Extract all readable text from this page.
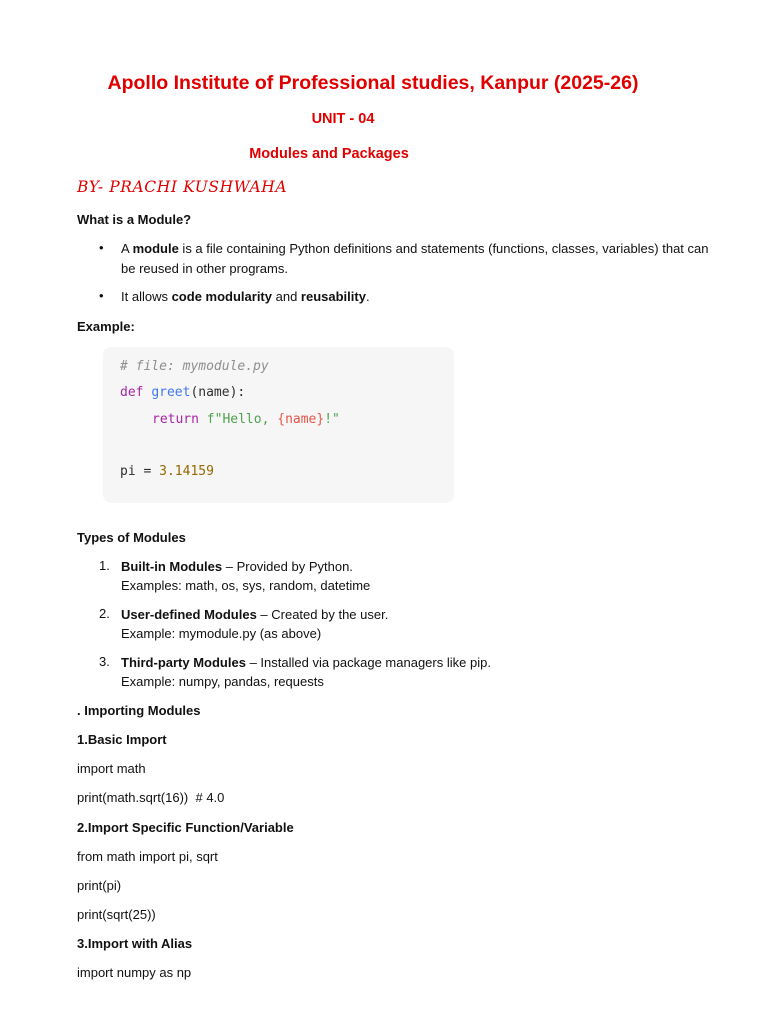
Apollo Institute of Professional studies, Kanpur (2025-26)
UNIT - 04
Modules and Packages
BY- PRACHI KUSHWAHA
What is a Module?
• A module is a file containing Python definitions and statements (functions, classes, variables) that can
be reused in other programs.
• It allows code modularity and reusability.
Example:
# file: mymodule.py
def greet(name):
return f"Hello, {name}!"
pi = 3.14159
Types of Modules
1. Built-in Modules – Provided by Python.
Examples: math, os, sys, random, datetime
2. User-defined Modules – Created by the user.
Example: mymodule.py (as above)
3. Third-party Modules – Installed via package managers like pip.
Example: numpy, pandas, requests
. Importing Modules
1.Basic Import
import math
print(math.sqrt(16))  # 4.0
2.Import Specific Function/Variable
from math import pi, sqrt
print(pi)
print(sqrt(25))
3.Import with Alias
import numpy as np
